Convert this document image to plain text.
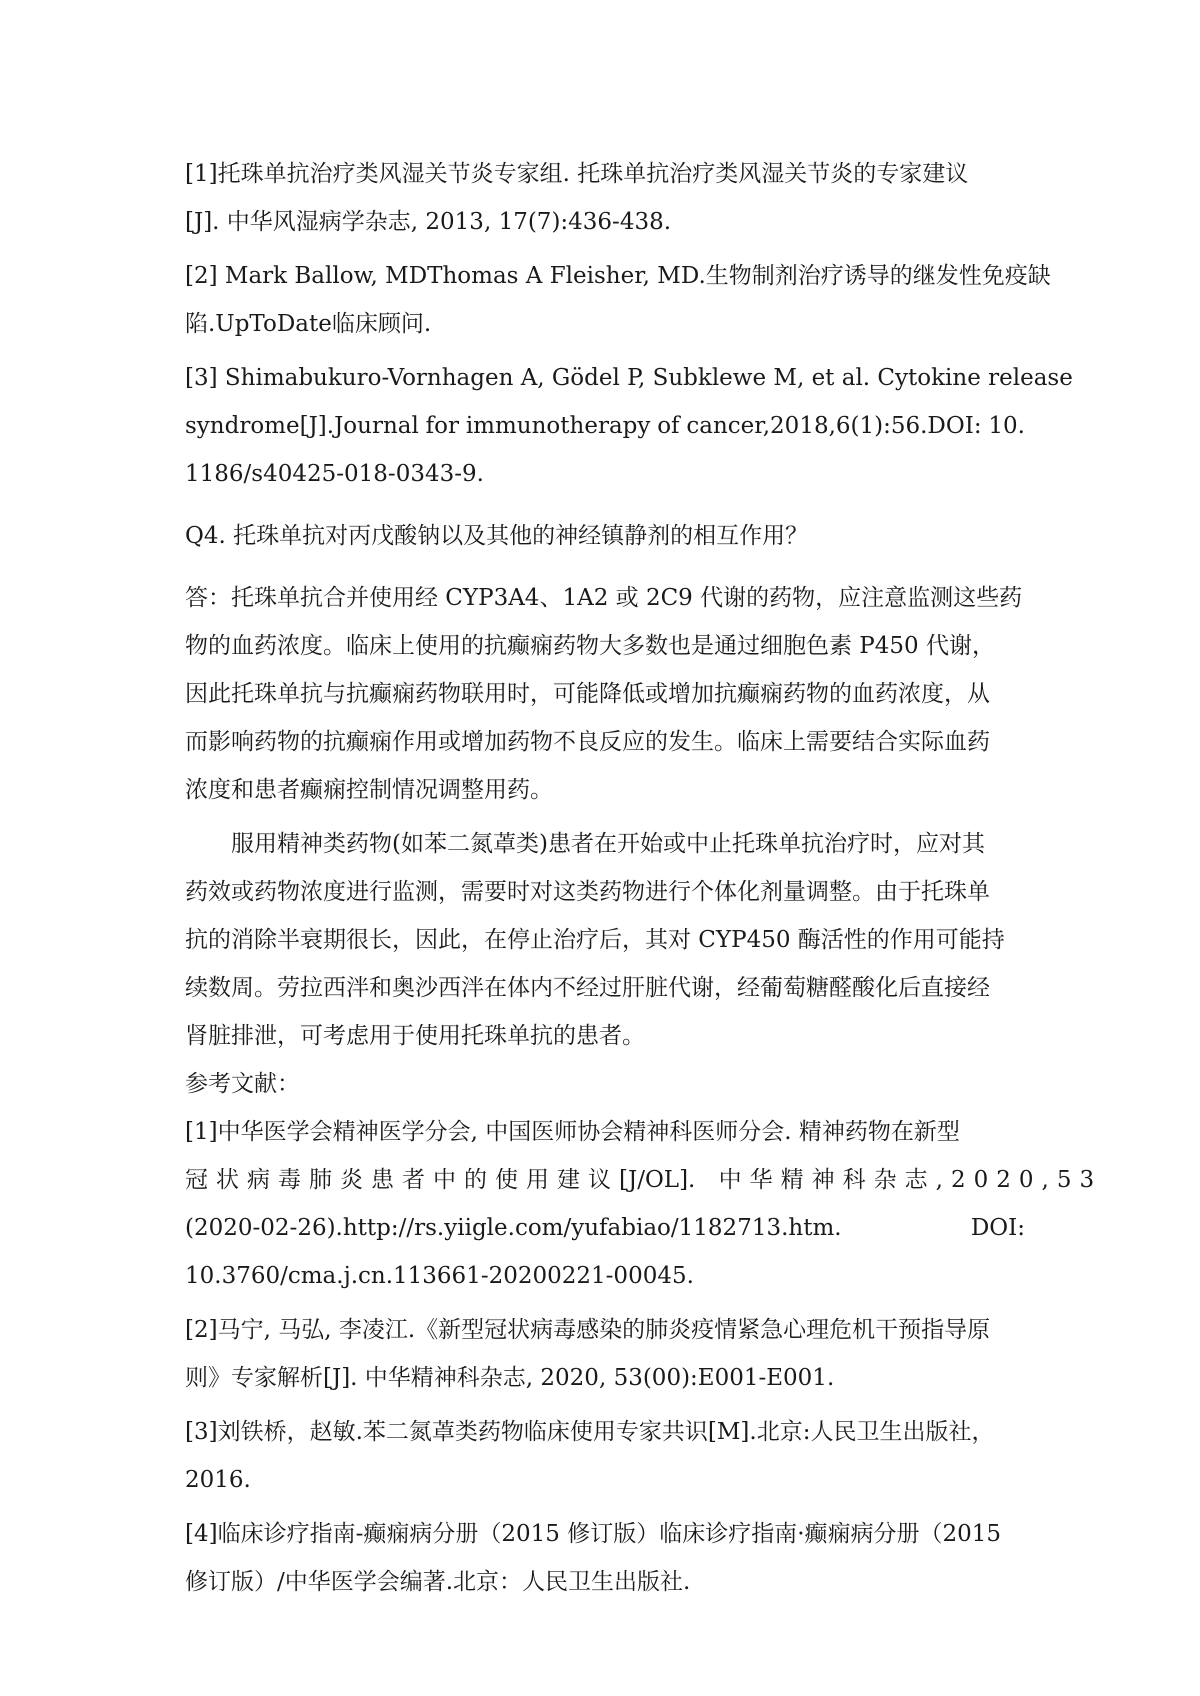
[1]托珠单抗治疗类风湿关节炎专家组. 托珠单抗治疗类风湿关节炎的专家建议
[J]. 中华风湿病学杂志, 2013, 17(7):436-438.
[2] Mark Ballow, MDThomas A Fleisher, MD.生物制剂治疗诱导的继发性免疫缺
陷.UpToDate临床顾问.
[3] Shimabukuro-Vornhagen A, Gödel P, Subklewe M, et al. Cytokine release
syndrome[J].Journal for immunotherapy of cancer,2018,6(1):56.DOI: 10.
1186/s40425-018-0343-9.
Q4. 托珠单抗对丙戊酸钠以及其他的神经镇静剂的相互作用？
答：托珠单抗合并使用经 CYP3A4、1A2 或 2C9 代谢的药物，应注意监测这些药
物的血药浓度。临床上使用的抗癫痫药物大多数也是通过细胞色素 P450 代谢，
因此托珠单抗与抗癫痫药物联用时，可能降低或增加抗癫痫药物的血药浓度，从
而影响药物的抗癫痫作用或增加药物不良反应的发生。临床上需要结合实际血药
浓度和患者癫痫控制情况调整用药。
服用精神类药物(如苯二氮䓬类)患者在开始或中止托珠单抗治疗时，应对其
药效或药物浓度进行监测，需要时对这类药物进行个体化剂量调整。由于托珠单
抗的消除半衰期很长，因此，在停止治疗后，其对 CYP450 酶活性的作用可能持
续数周。劳拉西泮和奥沙西泮在体内不经过肝脏代谢，经葡萄糖醛酸化后直接经
肾脏排泄，可考虑用于使用托珠单抗的患者。
参考文献：
[1]中华医学会精神医学分会, 中国医师协会精神科医师分会. 精神药物在新型
冠状病毒肺炎患者中的使用建议 [J/OL] . 中华精神科杂志,2020,53
(2020-02-26).http://rs.yiigle.com/yufabiao/1182713.htm.	DOI:
10.3760/cma.j.cn.113661-20200221-00045.
[2]马宁, 马弘, 李凌江.《新型冠状病毒感染的肺炎疫情紧急心理危机干预指导原
则》专家解析[J]. 中华精神科杂志, 2020, 53(00):E001-E001.
[3]刘铁桥，赵敏.苯二氮䓬类药物临床使用专家共识[M].北京:人民卫生出版社，
2016.
[4]临床诊疗指南-癫痫病分册（2015 修订版）临床诊疗指南·癫痫病分册（2015
修订版）/中华医学会编著.北京：人民卫生出版社.
